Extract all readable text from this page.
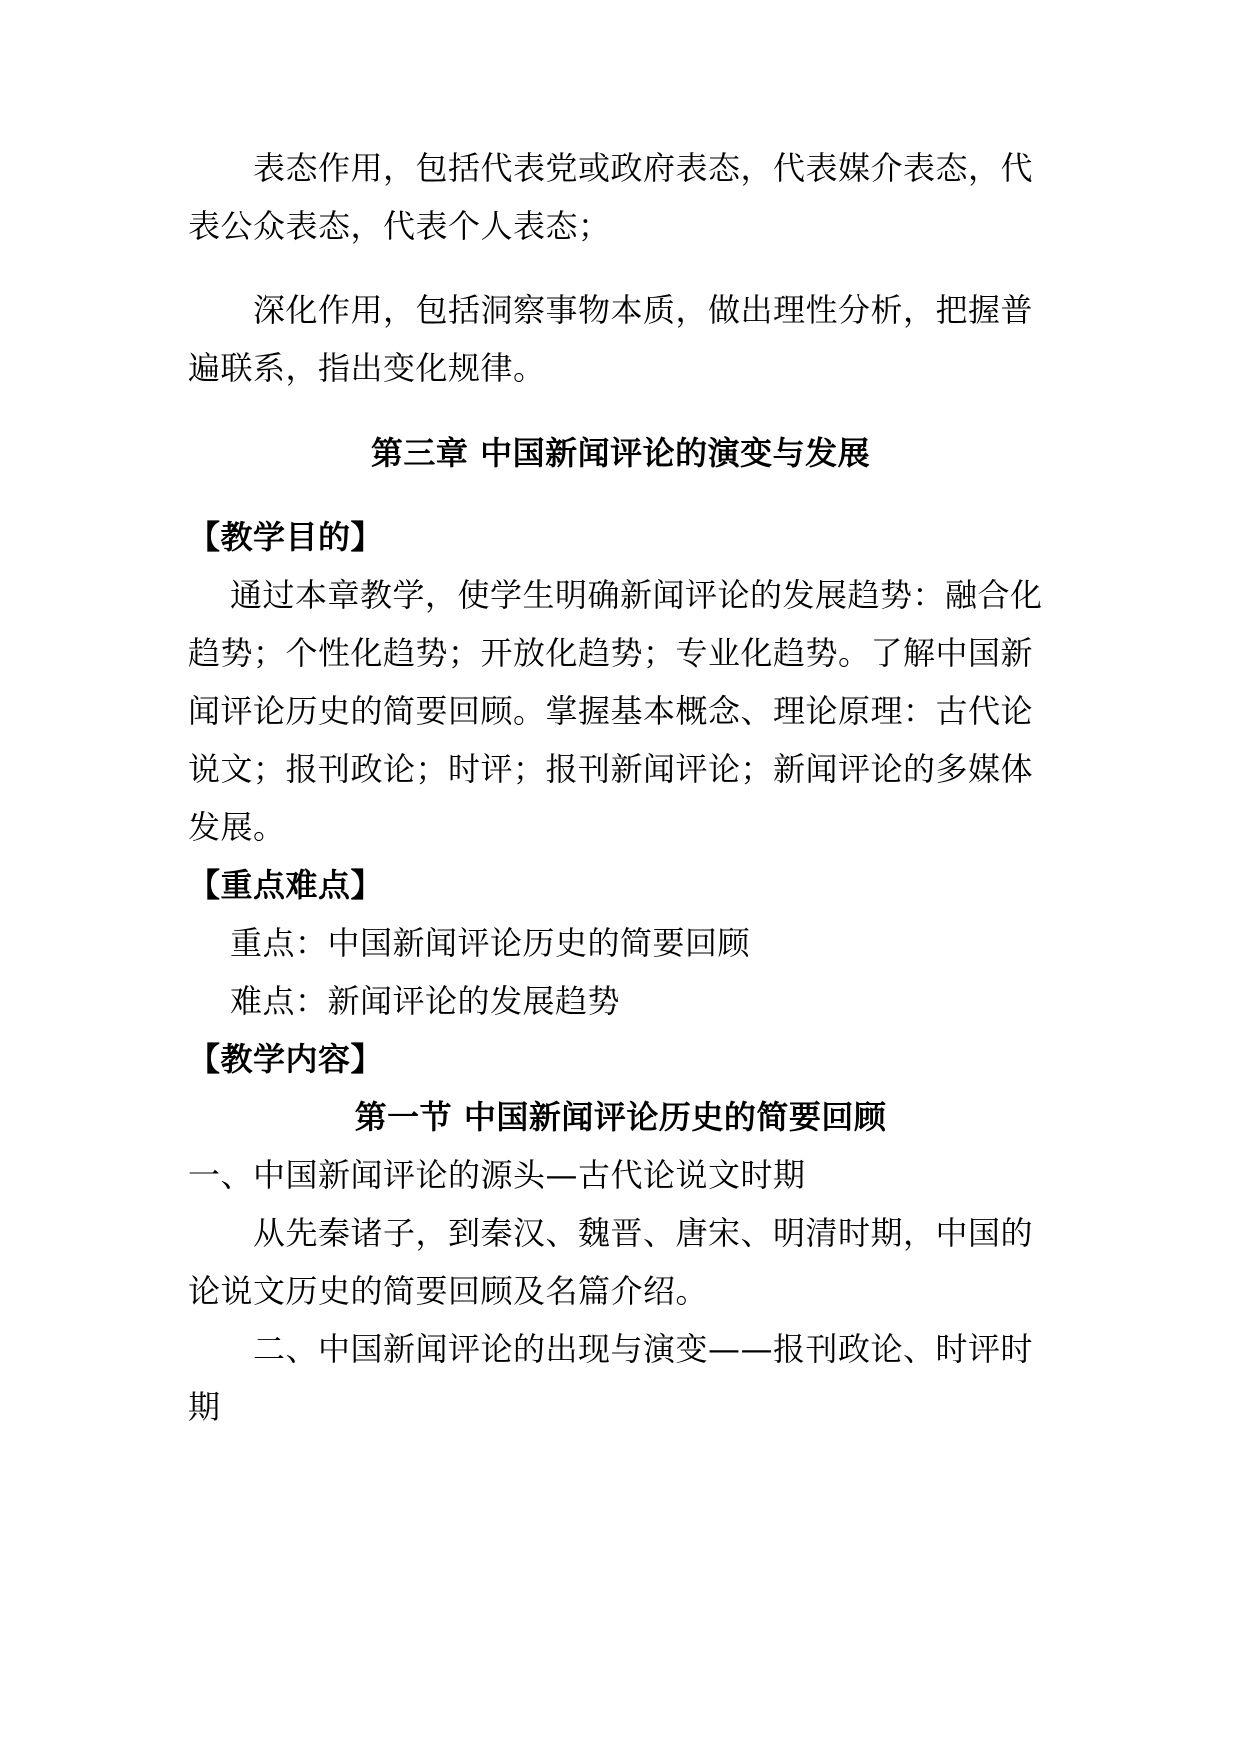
表态作用，包括代表党或政府表态，代表媒介表态，代
表公众表态，代表个人表态；
深化作用，包括洞察事物本质，做出理性分析，把握普
遍联系，指出变化规律。
第三章 中国新闻评论的演变与发展
【教学目的】
通过本章教学，使学生明确新闻评论的发展趋势：融合化
趋势；个性化趋势；开放化趋势；专业化趋势。了解中国新
闻评论历史的简要回顾。掌握基本概念、理论原理：古代论
说文；报刊政论；时评；报刊新闻评论；新闻评论的多媒体
发展。
【重点难点】
重点：中国新闻评论历史的简要回顾
难点：新闻评论的发展趋势
【教学内容】
第一节 中国新闻评论历史的简要回顾
一、中国新闻评论的源头—古代论说文时期
从先秦诸子，到秦汉、魏晋、唐宋、明清时期，中国的
论说文历史的简要回顾及名篇介绍。
二、中国新闻评论的出现与演变——报刊政论、时评时
期
